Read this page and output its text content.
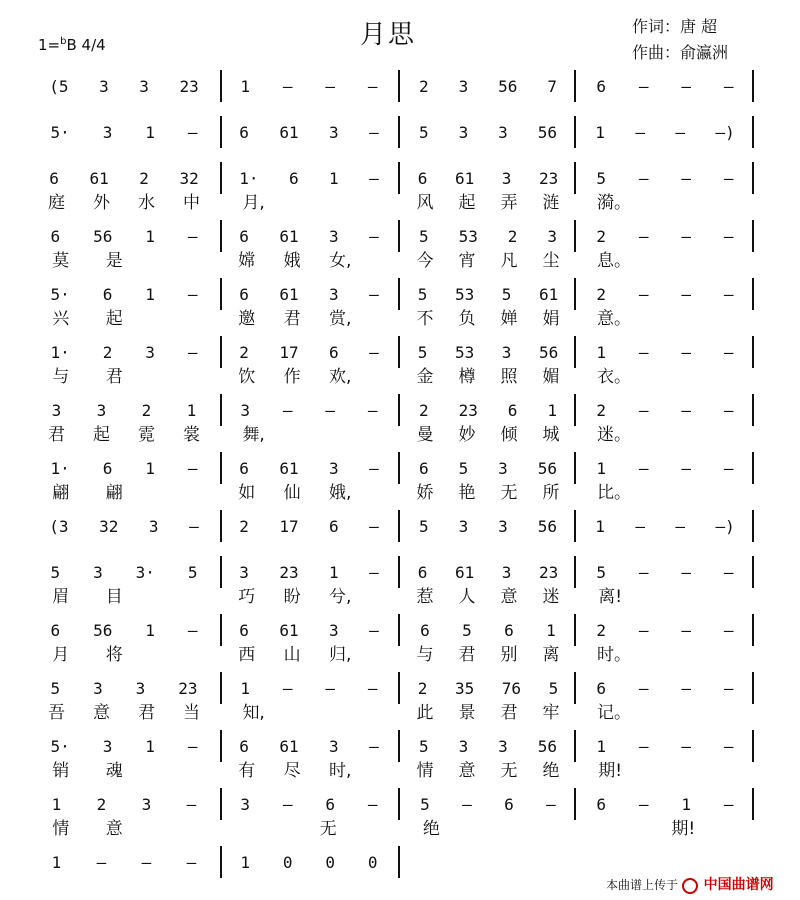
1=$^b$B 4/4	月思	作词：唐 超
作曲：俞瀛洲
(5 3 3 23	1 — — —	2 3 56 7 6 — — —
5· 3 1 —	6 61 3 —	5 3 3 56 1 — — —)
6 61 2 32
庭 外 水 中
1· 6 1 —
月,
6 61 3 23
风 起 弄 涟
5 — — —
漪。
6 56 1 —
莫 是
6 61 3 —
嫦 娥 女,
5 53 2 3
今 宵 凡 尘
2 — — —
息。
5· 6 1 —
兴 起
6 61 3 —
邀 君 赏,
5 53 5 61
不 负 婵 娟
2 — — —
意。
1· 2 3 —
与 君
2 17 6 —
饮 作 欢,
5 53 3 56
金 樽 照 媚
1 — — —
衣。
3 3 2 1
君 起 霓 裳
3 — — —
舞,
2 23 6 1
曼 妙 倾 城
2 — — —
迷。
1· 6 1 —
翩 翩
6 61 3 —
如 仙 娥,
6 5 3 56
娇 艳 无 所
1 — — —
比。
(3 32 3 —	2 17 6 —	5 3 3 56 1 — — —)
5 3 3· 5
眉 目
3 23 1 —
巧 盼 兮,
6 61 3 23
惹 人 意 迷
5 — — —
离!
6 56 1 —
月 将
6 61 3 —
西 山 归,
6 5 6 1
与 君 别 离
2 — — —
时。
5 3 3 23
吾 意 君 当
1 — — —
知,
2 35 76 5
此 景 君 牢
6 — — —
记。
5· 3 1 —
销 魂
6 61 3 —
有 尽 时,
5 3 3 56
情 意 无 绝
1 — — —
期!
1 2 3 —
情 意
3 — 6 —
无
5 — 6 —
绝
6 — 1 —
期!
1 — — —	1 0 0 0
本曲谱上传于 中国曲谱网
